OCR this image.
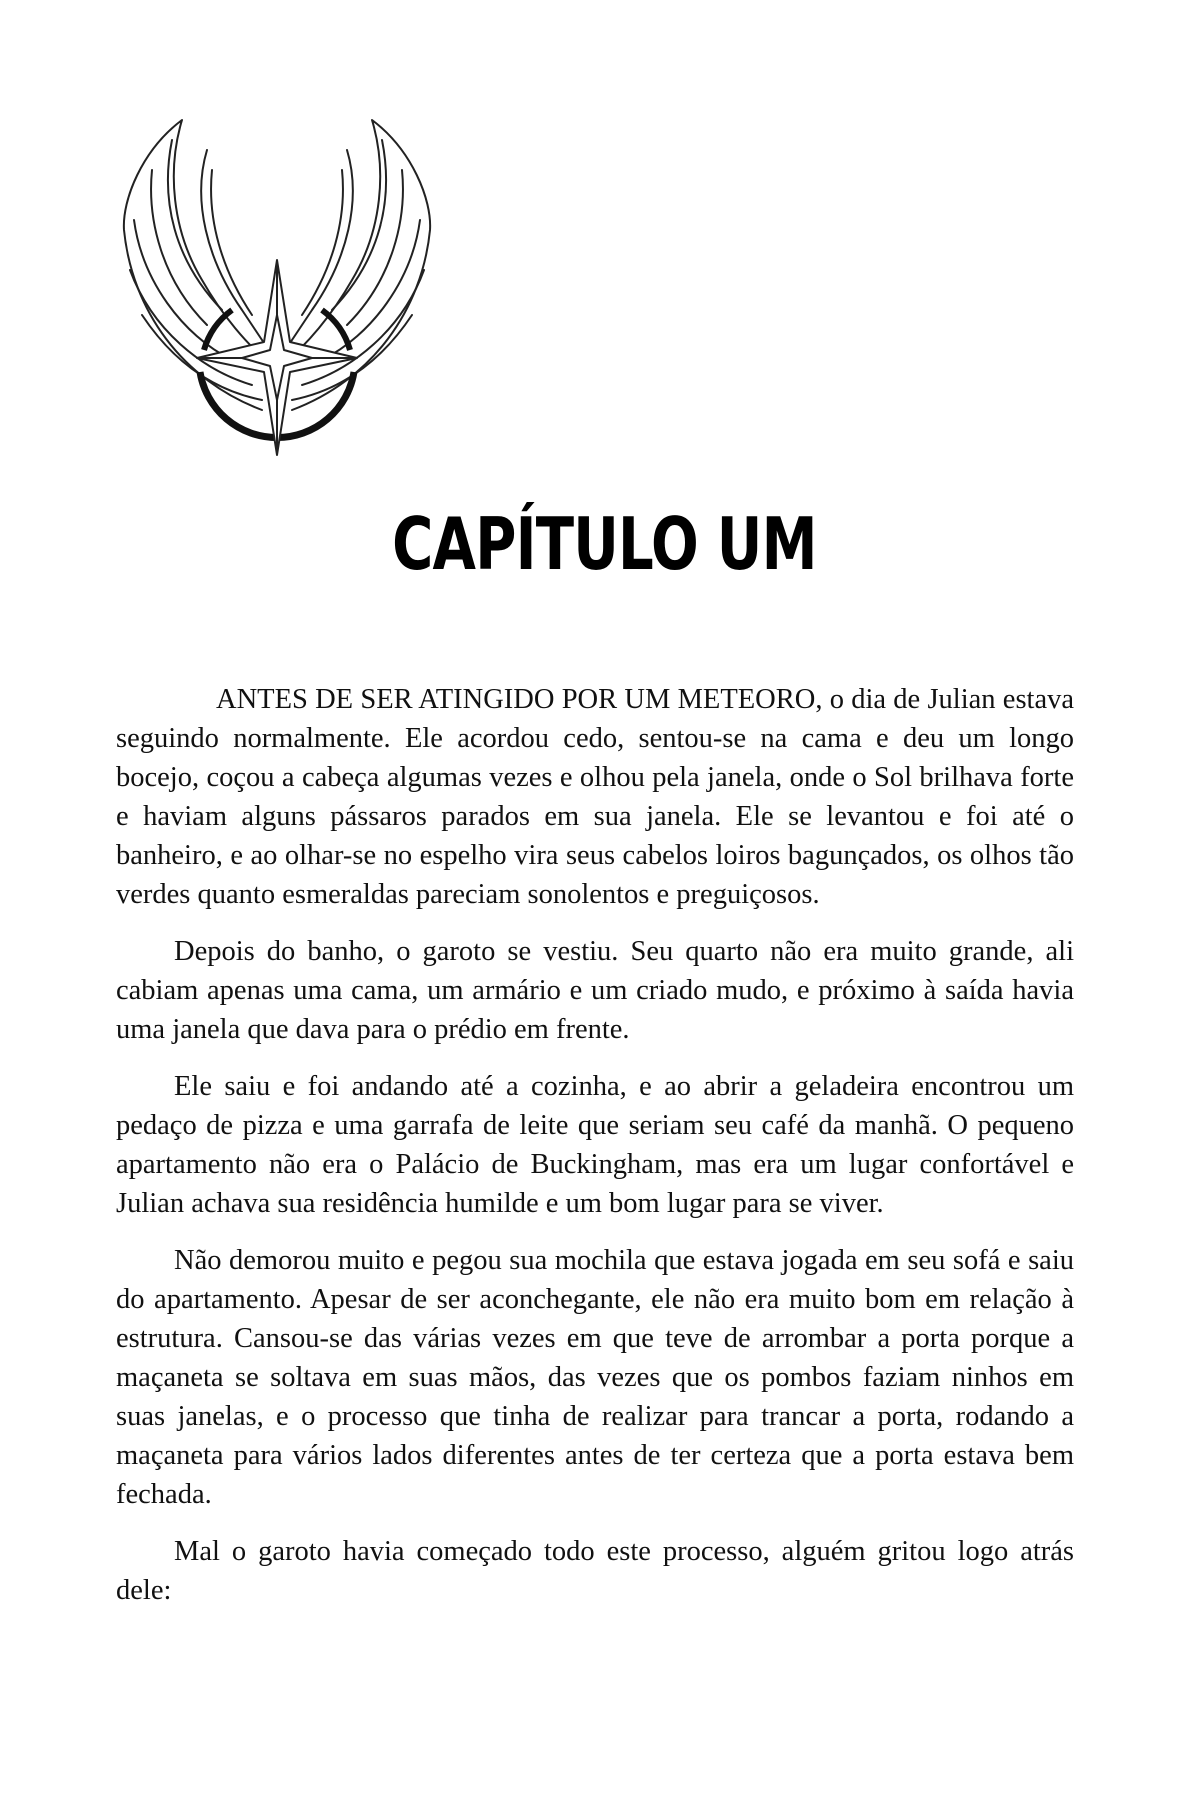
CAPÍTULO UM

ANTES DE SER ATINGIDO POR UM METEORO, o dia de Julian estava seguindo normalmente. Ele acordou cedo, sentou-se na cama e deu um longo bocejo, coçou a cabeça algumas vezes e olhou pela janela, onde o Sol brilhava forte e haviam alguns pássaros parados em sua janela. Ele se levantou e foi até o banheiro, e ao olhar-se no espelho vira seus cabelos loiros bagunçados, os olhos tão verdes quanto esmeraldas pareciam sonolentos e preguiçosos.

Depois do banho, o garoto se vestiu. Seu quarto não era muito grande, ali cabiam apenas uma cama, um armário e um criado mudo, e próximo à saída havia uma janela que dava para o prédio em frente.

Ele saiu e foi andando até a cozinha, e ao abrir a geladeira encontrou um pedaço de pizza e uma garrafa de leite que seriam seu café da manhã. O pequeno apartamento não era o Palácio de Buckingham, mas era um lugar confortável e Julian achava sua residência humilde e um bom lugar para se viver.

Não demorou muito e pegou sua mochila que estava jogada em seu sofá e saiu do apartamento. Apesar de ser aconchegante, ele não era muito bom em relação à estrutura. Cansou-se das várias vezes em que teve de arrombar a porta porque a maçaneta se soltava em suas mãos, das vezes que os pombos faziam ninhos em suas janelas, e o processo que tinha de realizar para trancar a porta, rodando a maçaneta para vários lados diferentes antes de ter certeza que a porta estava bem fechada.

Mal o garoto havia começado todo este processo, alguém gritou logo atrás dele:
